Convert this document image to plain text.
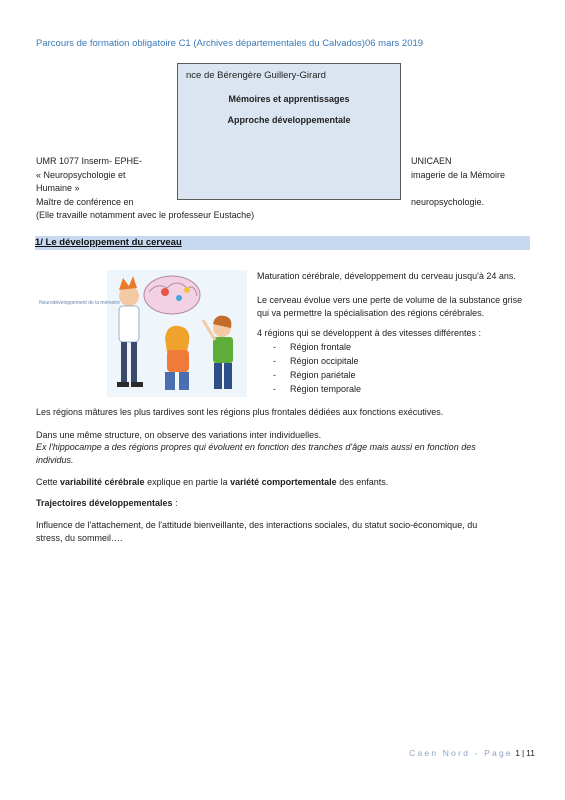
Parcours de formation obligatoire C1 (Archives départementales du Calvados)06 mars 2019
nce de Bérengère Guillery-Girard
Mémoires et apprentissages
Approche développementale
UMR 1077 Inserm- EPHE-
« Neuropsychologie et
Humaine »
Maître de conférence en
(Elle travaille notamment avec le professeur Eustache)
UNICAEN
imagerie de la Mémoire
neuropsychologie.
1/ Le développement du cerveau
Neurodéveloppement de la mémoire
Maturation cérébrale, développement du cerveau jusqu'à 24 ans.
Le cerveau évolue vers une perte de volume de la substance grise
qui va permettre la spécialisation des régions cérébrales.
4 régions qui se développent à des vitesses différentes :
- Région frontale
- Région occipitale
- Région pariétale
- Région temporale
Les régions mâtures les plus tardives sont les régions plus frontales dédiées aux fonctions exécutives.
Dans une même structure, on observe des variations inter individuelles.
Ex l'hippocampe a des régions propres qui évoluent en fonction des tranches d'âge mais aussi en fonction des
individus.
Cette variabilité cérébrale explique en partie la variété comportementale des enfants.
Trajectoires développementales :
Influence de l'attachement, de l'attitude bienveillante, des interactions sociales, du statut socio-économique, du
stress, du sommeil….
Caen Nord - Page 1 | 11
